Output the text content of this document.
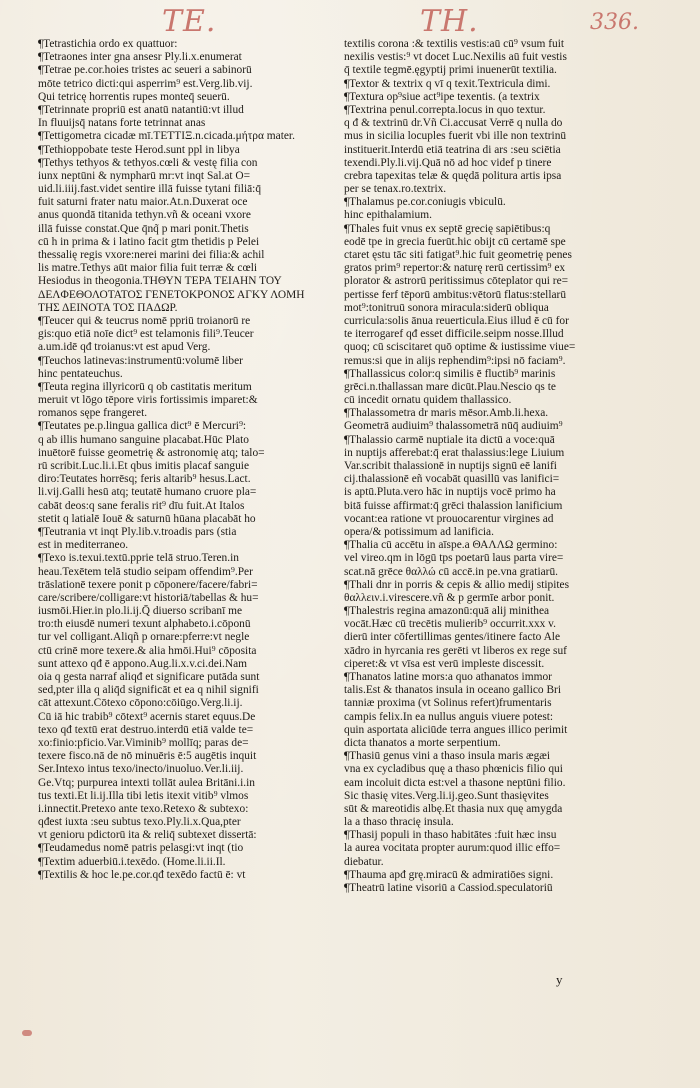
TE.	TH.	336.
¶Tetrastichia ordo ex quattuor:
¶Tetraones inter gna ansesr Ply.li.x.enumerat
¶Tetrae pe.cor.hoies tristes ac seueri a sabinorū
mōte tetrico dicti:qui asperrim⁹ est.Verg.lib.vij.
Qui tetricę horrentis rupes monteq̄ seuerū.
¶Tetrinnate propriū est anatū natantiū:vt illud
In fluuijsq̄ natans forte tetrinnat anas
¶Tettigometra cicadæ mī.ΤΕΤΤΙΞ.n.cicada.μήτρα mater.
¶Tethioppobate teste Herod.sunt ppl in libya
¶Tethys tethyos & tethyos.cœli & vestę filia con
iunx neptūni & nympharū mr:vt inqt Sal.at O=
uid.li.iiij.fast.videt sentire illā fuisse tytani filiā:q̄
fuit saturni frater natu maior.At.n.Duxerat oce
anus quondā titanida tethyn.vñ & oceani vxore
illā fuisse constat.Que q̄nq̃ p mari ponit.Thetis
cū h in prima & i latino facit gtm thetidis p Pelei
thessalię regis vxore:nerei marini dei filia:& achil
lis matre.Tethys aūt maior filia fuit terræ & cœli
Hesiodus in theogonia.ΤΗΘΥΝ ΤΕΡΑ ΤΕΙΑΗΝ ΤΟΥ
ΔΕΛΦΕΘΟΛΟΤΑΤΟΣ ΓΕΝΕΤΟΚΡΟΝΟΣ ΑΓΚΥ ΛΟΜΗ
ΤΗΣ ΔΕΙΝΟΤΑ ΤΟΣ ΠΑΔΩΡ.
¶Teucer qui & teucrus nomē ppriū troianorū re
gis:quo etiā noīe dict⁹ est telamonis fili⁹.Teucer
a.um.idē qđ troianus:vt est apud Verg.
¶Teuchos latinevas:instrumentū:volumē liber
hinc pentateuchus.
¶Teuta regina illyricorū q ob castitatis meritum
meruit vt lōgo tēpore viris fortissimis imparet:&
romanos sępe frangeret.
¶Teutates pe.p.lingua gallica dict⁹ ē Mercuri⁹:
q ab illis humano sanguine placabat.Hūc Plato
inuētorē fuisse geometrię & astronomię atq; talo=
rū scribit.Luc.li.i.Et qbus imitis placaf sanguie
diro:Teutates horrēsq; feris altarib⁹ hesus.Lact.
li.vij.Galli hesū atq; teutatē humano cruore pla=
cabāt deos:q sane feralis rit⁹ dīu fuit.At Italos
stetit q latialē Iouē & saturnū hūana placabāt ho
¶Teutrania vt inqt Ply.lib.v.troadis pars (stia
est in mediterraneo.
¶Texo is.texui.textū.pprie telā struo.Teren.in
heau.Texētem telā studio seipam offendim⁹.Per
trāslationē texere ponit p cōponere/facere/fabri=
care/scribere/colligare:vt historiā/tabellas & hu=
iusmōi.Hier.in plo.li.ij.Q̄ diuerso scribanī me
tro:th eiusdē numeri texunt alphabeto.i.cōponū
tur vel colligant.Aliqñ p ornare:pferre:vt negle
ctū crinē more texere.& alia hmōi.Hui⁹ cōposita
sunt attexo qđ ē appono.Aug.li.x.v.ci.dei.Nam
oia q gesta narraf aliqđ et significare putāda sunt
sed,pter illa q aliq̄d significāt et ea q nihil signifi
cāt attexunt.Cōtexo cōpono:cōiūgo.Verg.li.ij.
Cū iā hic trabib⁹ cōtext⁹ acernis staret equus.De
texo qđ textū erat destruo.interdū etiā valde te=
xo:finio:pficio.Var.Viminib⁹ mollīq; paras de=
texere fisco.nā de nō minuēris ē:5 augētis inquit
Ser.Intexo intus texo/inecto/inuoluo.Ver.li.iij.
Ge.Vtq; purpurea intexti tollāt aulea Britāni.i.in
tus texti.Et li.ij.Illa tibi letis itexit vitib⁹ vlmos
i.innectit.Pretexo ante texo.Retexo & subtexo:
qđest iuxta :seu subtus texo.Ply.li.x.Qua,pter
vt genioru pdictorū ita & reliq̄ subtexet dissertā:
¶Teudamedus nomē patris pelasgi:vt inqt (tio
¶Textim aduerbiū.i.texēdo. (Home.li.ii.Il.
¶Textilis & hoc le.pe.cor.qđ texēdo factū ē: vt
textilis corona :& textilis vestis:aū cū⁹ vsum fuit
nexilis vestis:⁹ vt docet Luc.Nexilis aū fuit vestis
q̄ textile tegmē.ęgyptij primi inuenerūt textilia.
¶Textor & textrix q vī q texit.Textricula dimi.
¶Textura op⁹siue act⁹ipe texentis. (a textrix
¶Textrina penul.correpta.locus in quo textur.
q đ & textrinū dr.Vñ Ci.accusat Verrē q nulla do
mus in sicilia locuples fuerit vbi ille non textrinū
instituerit.Interdū etiā teatrina di ars :seu sciētia
texendi.Ply.li.vij.Quā nō ad hoc videf p tinere
crebra tapexitas telæ & quędā politura artis ipsa
per se tenax.ro.textrix.
¶Thalamus pe.cor.coniugis vbiculū.
hinc epithalamium.
¶Thales fuit vnus ex septē grecię sapiētibus:q
eodē tpe in grecia fuerūt.hic obijt cū certamē spe
ctaret ęstu tāc siti fatigat⁹.hic fuit geometrię penes
gratos prim⁹ repertor:& naturę rerū certissim⁹ ex
plorator & astrorū peritissimus cōteplator qui re=
pertisse ferf tēporū ambitus:vētorū flatus:stellarū
mot⁹:tonitruū sonora miracula:siderū obliqua
curricula:solis ānua reuerticula.Eius illud ē cū for
te iterrogaref qđ esset difficile.seipm nosse.Illud
quoq; cū sciscitaret quō optime & iustissime viue=
remus:si que in alijs rephendim⁹:ipsi nō faciam⁹.
¶Thallassicus color:q similis ē fluctib⁹ marinis
grēci.n.thallassan mare dicūt.Plau.Nescio qs te
cū incedit ornatu quidem thallassico.
¶Thalassometra dr maris mēsor.Amb.li.hexa.
Geometrā audiuim⁹ thalassometrā nūq̄ audiuim⁹
¶Thalassio carmē nuptiale ita dictū a voce:quā
in nuptijs afferebat:q̄ erat thalassius:lege Liuium
Var.scribit thalassionē in nuptijs signū eē lanifi
cij.thalassionē eñ vocabāt quasillū vas lanifici=
is aptū.Pluta.vero hāc in nuptijs vocē primo ha
bitā fuisse affirmat:q̄ grēci thalassion lanificium
vocant:ea ratione vt prouocarentur virgines ad
opera/& potissimum ad lanificia.
¶Thalia cū accētu in aīspe.a ΘΑΛΛΩ germino:
vel vireo.qm in lōgū tps poetarū laus parta vire=
scat.nā grēce θαλλώ cū accē.in pe.vna gratiarū.
¶Thali dnr in porris & cepis & allio medij stipites
θαλλειν.i.virescere.vñ & p germīe arbor ponit.
¶Thalestris regina amazonū:quā alij minithea
vocāt.Hæc cū trecētis mulierib⁹ occurrit.xxx v.
dierū inter cōfertillimas gentes/itinere facto Ale
xādro in hyrcania res gerēti vt liberos ex rege suf
ciperet:& vt vīsa est verū impleste discessit.
¶Thanatos latine mors:a quo athanatos immor
talis.Est & thanatos insula in oceano gallico Bri
tanniæ proxima (vt Solinus refert)frumentaris
campis felix.In ea nullus anguis viuere potest:
quin asportata aliciūde terra angues illico perimit
dicta thanatos a morte serpentium.
¶Thasiū genus vini a thaso insula maris ægæi
vna ex cycladibus quę a thaso phœnicis filio qui
eam incoluit dicta est:vel a thasone neptūni filio.
Sic thasię vites.Verg.li.ij.geo.Sunt thasięvites
sūt & mareotidis albę.Et thasia nux quę amygda
la a thaso thracię insula.
¶Thasij populi in thaso habitātes :fuit hæc insu
la aurea vocitata propter aurum:quod illic effo=
diebatur.
¶Thauma apđ grę.miracū & admiratiōes signi.
¶Theatrū latine visoriū a Cassiod.speculatoriū
y
